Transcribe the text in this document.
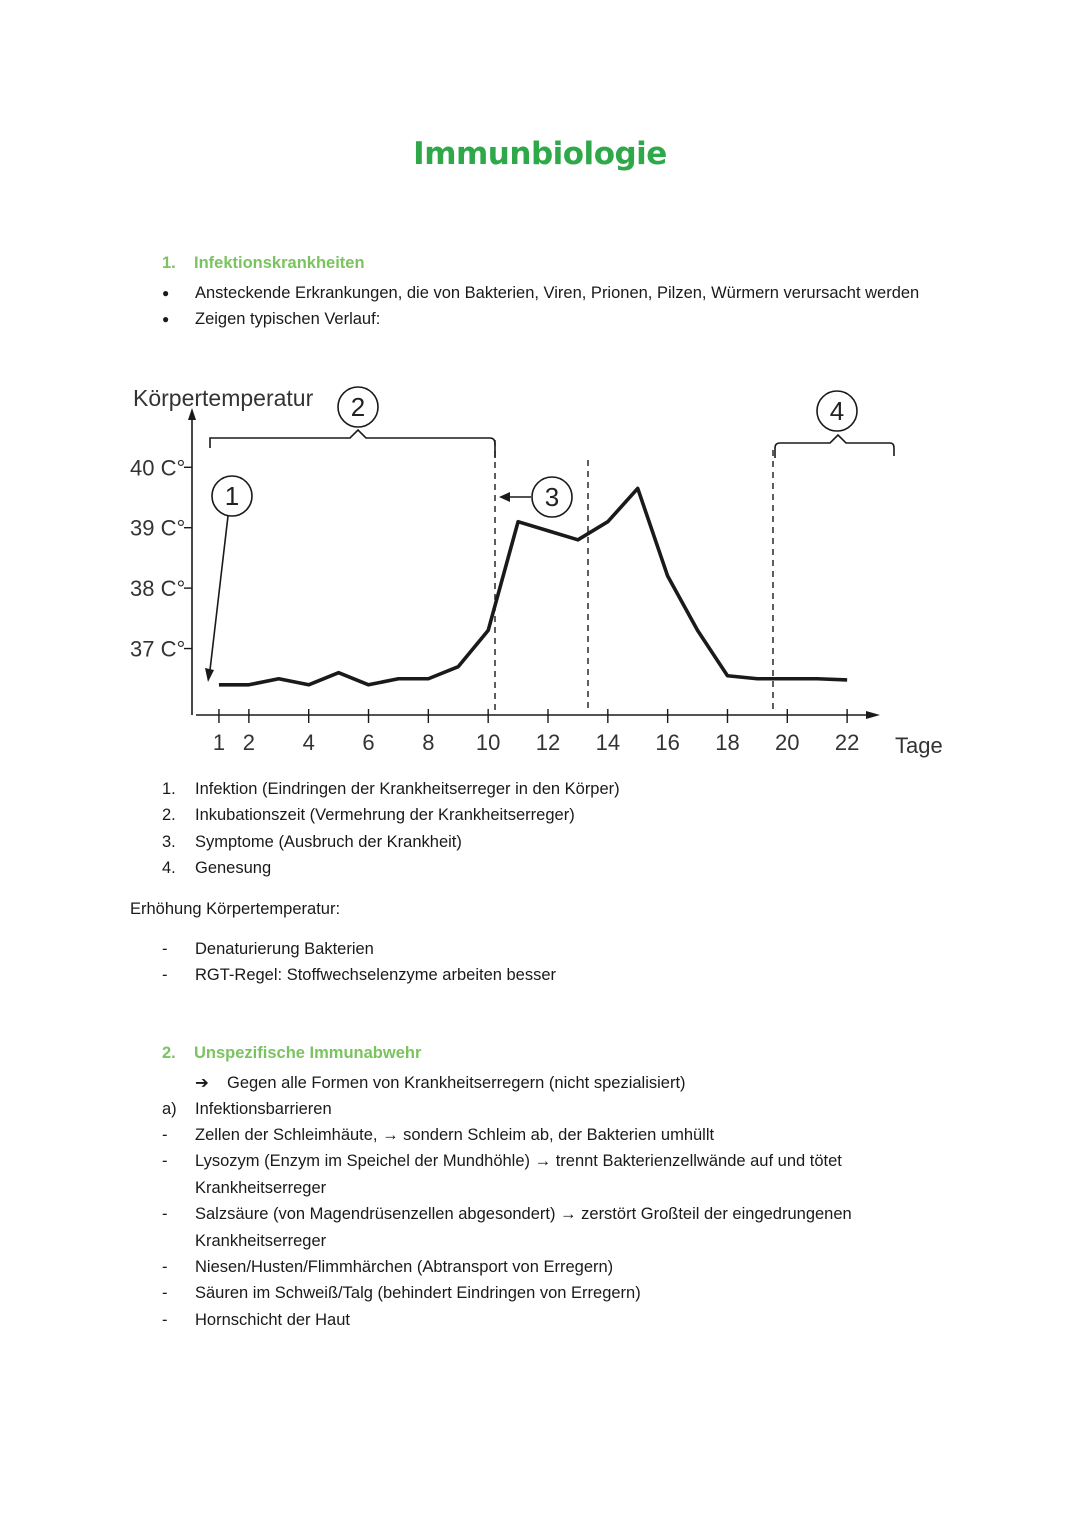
Immunbiologie
1. Infektionskrankheiten
● Ansteckende Erkrankungen, die von Bakterien, Viren, Prionen, Pilzen, Würmern verursacht werden
● Zeigen typischen Verlauf:
1
2
3
4
37 C°
38 C°
39 C°
40 C°
1 2 4 6 8 10 12 14 16 18 20 22
Körpertemperatur
Tage
1. Infektion (Eindringen der Krankheitserreger in den Körper)
2. Inkubationszeit (Vermehrung der Krankheitserreger)
3. Symptome (Ausbruch der Krankheit)
4. Genesung
Erhöhung Körpertemperatur:
- Denaturierung Bakterien
- RGT-Regel: Stoffwechselenzyme arbeiten besser
2. Unspezifische Immunabwehr
➔ Gegen alle Formen von Krankheitserregern (nicht spezialisiert)
a) Infektionsbarrieren
- Zellen der Schleimhäute, → sondern Schleim ab, der Bakterien umhüllt
- Lysozym (Enzym im Speichel der Mundhöhle) → trennt Bakterienzellwände auf und tötet Krankheitserreger
- Salzsäure (von Magendrüsenzellen abgesondert) → zerstört Großteil der eingedrungenen Krankheitserreger
- Niesen/Husten/Flimmhärchen (Abtransport von Erregern)
- Säuren im Schweiß/Talg (behindert Eindringen von Erregern)
- Hornschicht der Haut
